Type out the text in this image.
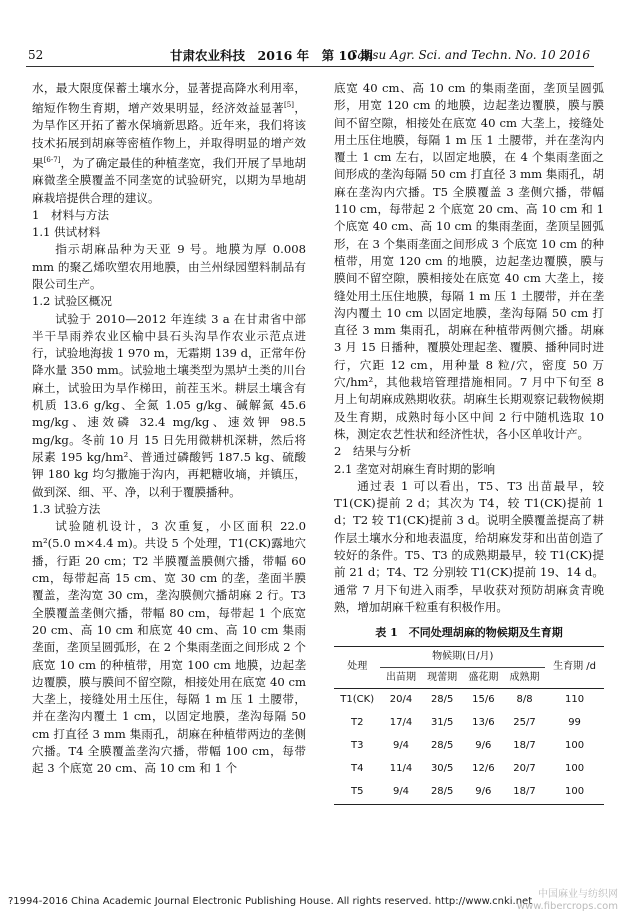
52	甘肃农业科技　2016 年　第 10 期
Gansu Agr. Sci. and Techn. No. 10 2016

水，最大限度保蓄土壤水分，显著提高降水利用率，缩短作物生育期，增产效果明显，经济效益显著[5]，为旱作区开拓了蓄水保墒新思路。近年来，我们将该技术拓展到胡麻等密植作物上，并取得明显的增产效果[6-7]，为了确定最佳的种植垄宽，我们开展了旱地胡麻微垄全膜覆盖不同垄宽的试验研究，以期为旱地胡麻栽培提供合理的建议。

1　材料与方法
1.1 供试材料

指示胡麻品种为天亚 9 号。地膜为厚 0.008 mm 的聚乙烯吹塑农用地膜，由兰州绿园塑料制品有限公司生产。

1.2 试验区概况

试验于 2010—2012 年连续 3 a 在甘肃省中部半干旱雨养农业区榆中县石头沟旱作农业示范点进行，试验地海拔 1 970 m，无霜期 139 d，正常年份降水量 350 mm。试验地土壤类型为黑垆土类的川台麻土，试验田为旱作梯田，前茬玉米。耕层土壤含有机质 13.6 g/kg、全氮 1.05 g/kg、碱解氮 45.6 mg/kg、速效磷 32.4 mg/kg、速效钾 98.5 mg/kg。冬前 10 月 15 日先用微耕机深耕，然后将尿素 195 kg/hm²、普通过磷酸钙 187.5 kg、硫酸钾 180 kg 均匀撒施于沟内，再耙糖收墒，并镇压，做到深、细、平、净，以利于覆膜播种。

1.3 试验方法

试验随机设计，3 次重复，小区面积 22.0 m²(5.0 m×4.4 m)。共设 5 个处理，T1(CK)露地穴播，行距 20 cm；T2 半膜覆盖膜侧穴播，带幅 60 cm，每带起高 15 cm、宽 30 cm 的垄，垄面半膜覆盖，垄沟宽 30 cm，垄沟膜侧穴播胡麻 2 行。T3 全膜覆盖垄侧穴播，带幅 80 cm，每带起 1 个底宽 20 cm、高 10 cm 和底宽 40 cm、高 10 cm 集雨垄面，垄顶呈圆弧形，在 2 个集雨垄面之间形成 2 个底宽 10 cm 的种植带，用宽 100 cm 地膜，边起垄边覆膜，膜与膜间不留空隙，相接处用在底宽 40 cm 大垄上，接缝处用土压住，每隔 1 m 压 1 土腰带，并在垄沟内覆土 1 cm，以固定地膜，垄沟每隔 50 cm 打直径 3 mm 集雨孔，胡麻在种植带两边的垄侧穴播。T4 全膜覆盖垄沟穴播，带幅 100 cm，每带起 3 个底宽 20 cm、高 10 cm 和 1 个

底宽 40 cm、高 10 cm 的集雨垄面，垄顶呈圆弧形，用宽 120 cm 的地膜，边起垄边覆膜，膜与膜间不留空隙，相接处在底宽 40 cm 大垄上，接缝处用土压住地膜，每隔 1 m 压 1 土腰带，并在垄沟内覆土 1 cm 左右，以固定地膜，在 4 个集雨垄面之间形成的垄沟每隔 50 cm 打直径 3 mm 集雨孔，胡麻在垄沟内穴播。T5 全膜覆盖 3 垄侧穴播，带幅 110 cm，每带起 2 个底宽 20 cm、高 10 cm 和 1 个底宽 40 cm、高 10 cm 的集雨垄面，垄顶呈圆弧形，在 3 个集雨垄面之间形成 3 个底宽 10 cm 的种植带，用宽 120 cm 的地膜，边起垄边覆膜，膜与膜间不留空隙，膜相接处在底宽 40 cm 大垄上，接缝处用土压住地膜，每隔 1 m 压 1 土腰带，并在垄沟内覆土 10 cm 以固定地膜，垄沟每隔 50 cm 打直径 3 mm 集雨孔，胡麻在种植带两侧穴播。胡麻 3 月 15 日播种，覆膜处理起垄、覆膜、播种同时进行，穴距 12 cm，用种量 8 粒/穴，密度 50 万穴/hm²，其他栽培管理措施相同。7 月中下旬至 8 月上旬胡麻成熟期收获。胡麻生长期观察记载物候期及生育期，成熟时每小区中间 2 行中随机选取 10 株，测定农艺性状和经济性状，各小区单收计产。

2　结果与分析
2.1 垄宽对胡麻生育时期的影响

通过表 1 可以看出，T5、T3 出苗最早，较T1(CK)提前 2 d；其次为 T4，较 T1(CK)提前 1 d；T2 较 T1(CK)提前 3 d。说明全膜覆盖提高了耕作层土壤水分和地表温度，给胡麻发芽和出苗创造了较好的条件。T5、T3 的成熟期最早，较 T1(CK)提前 21 d；T4、T2 分别较 T1(CK)提前 19、14 d。通常 7 月下旬进入雨季，早收获对预防胡麻贪青晚熟，增加胡麻千粒重有积极作用。

表 1　不同处理胡麻的物候期及生育期
处理	物候期(日/月)				生育期 /d
	出苗期	现蕾期	盛花期	成熟期	
T1(CK)	20/4	28/5	15/6	8/8	110
T2	17/4	31/5	13/6	25/7	99
T3	9/4	28/5	9/6	18/7	100
T4	11/4	30/5	12/6	20/7	100
T5	9/4	28/5	9/6	18/7	100
?1994-2016 China Academic Journal Electronic Publishing House. All rights reserved. http://www.cnki.net
中国麻业与纺织网
www.fibercrops.com
